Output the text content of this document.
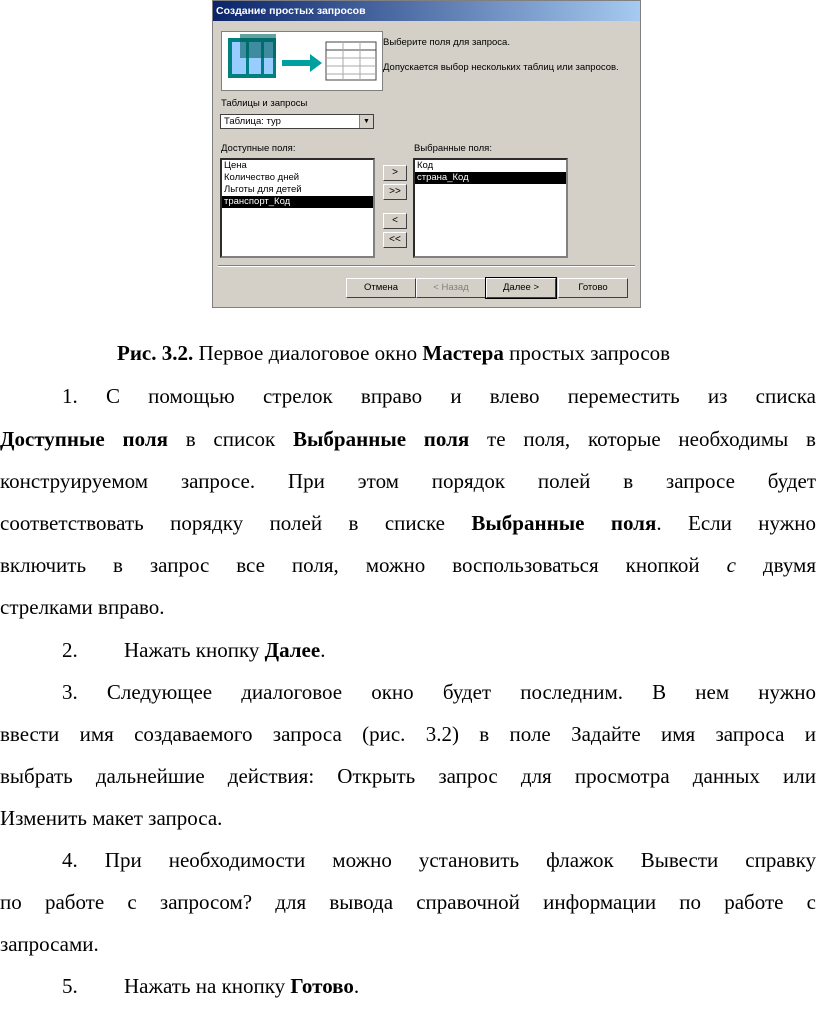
Создание простых запросов
Выберите поля для запроса.
Допускается выбор нескольких таблиц или запросов.
Таблицы и запросы
Таблица: тур	▼
Доступные поля:	Выбранные поля:
Цена
Количество дней
Льготы для детей
транспорт_Код
>
>>
<
<<
Код
страна_Код
Отмена	< Назад	Далее >	Готово
Рис. 3.2. Первое диалоговое окно Мастера простых запросов
1. С помощью стрелок вправо и влево переместить из списка
Доступные поля в список Выбранные поля те поля, которые необходимы в
конструируемом запросе. При этом порядок полей в запросе будет
соответствовать порядку полей в списке Выбранные поля. Если нужно
включить в запрос все поля, можно воспользоваться кнопкой с двумя
стрелками вправо.
2. Нажать кнопку Далее.
3. Следующее диалоговое окно будет последним. В нем нужно
ввести имя создаваемого запроса (рис. 3.2) в поле Задайте имя запроса и
выбрать дальнейшие действия: Открыть запрос для просмотра данных или
Изменить макет запроса.
4. При необходимости можно установить флажок Вывести справку
по работе с запросом? для вывода справочной информации по работе с
запросами.
5. Нажать на кнопку Готово.
